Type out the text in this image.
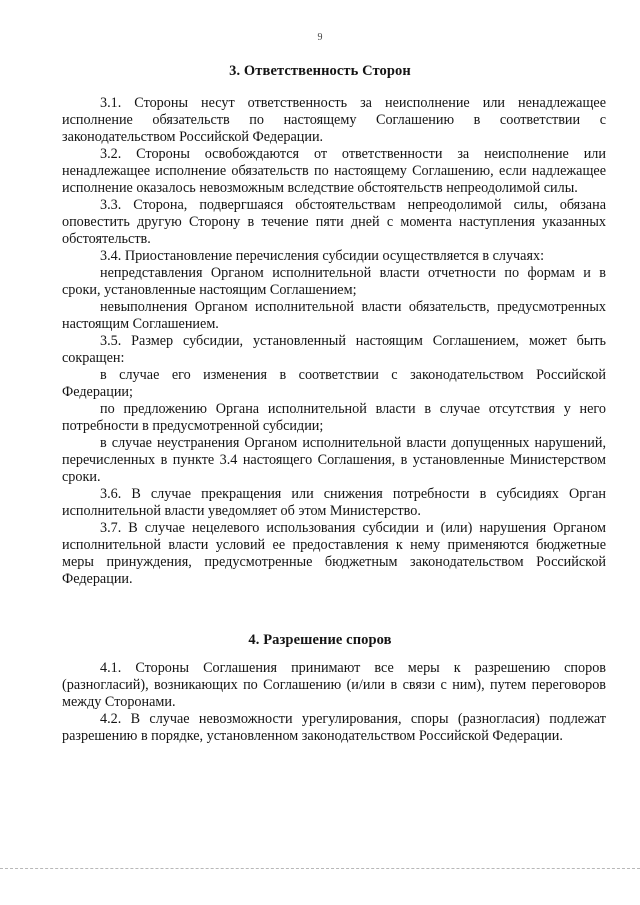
9
3. Ответственность Сторон

3.1. Стороны несут ответственность за неисполнение или ненадлежащее исполнение обязательств по настоящему Соглашению в соответствии с законодательством Российской Федерации.

3.2. Стороны освобождаются от ответственности за неисполнение или ненадлежащее исполнение обязательств по настоящему Соглашению, если надлежащее исполнение оказалось невозможным вследствие обстоятельств непреодолимой силы.

3.3. Сторона, подвергшаяся обстоятельствам непреодолимой силы, обязана оповестить другую Сторону в течение пяти дней с момента наступления указанных обстоятельств.

3.4. Приостановление перечисления субсидии осуществляется в случаях:

непредставления Органом исполнительной власти отчетности по формам и в сроки, установленные настоящим Соглашением;

невыполнения Органом исполнительной власти обязательств, предусмотренных настоящим Соглашением.

3.5. Размер субсидии, установленный настоящим Соглашением, может быть сокращен:

в случае его изменения в соответствии с законодательством Российской Федерации;

по предложению Органа исполнительной власти в случае отсутствия у него потребности в предусмотренной субсидии;

в случае неустранения Органом исполнительной власти допущенных нарушений, перечисленных в пункте 3.4 настоящего Соглашения, в установленные Министерством сроки.

3.6. В случае прекращения или снижения потребности в субсидиях Орган исполнительной власти уведомляет об этом Министерство.

3.7. В случае нецелевого использования субсидии и (или) нарушения Органом исполнительной власти условий ее предоставления к нему применяются бюджетные меры принуждения, предусмотренные бюджетным законодательством Российской Федерации.

4. Разрешение споров

4.1. Стороны Соглашения принимают все меры к разрешению споров (разногласий), возникающих по Соглашению (и/или в связи с ним), путем переговоров между Сторонами.

4.2. В случае невозможности урегулирования, споры (разногласия) подлежат разрешению в порядке, установленном законодательством Российской Федерации.
